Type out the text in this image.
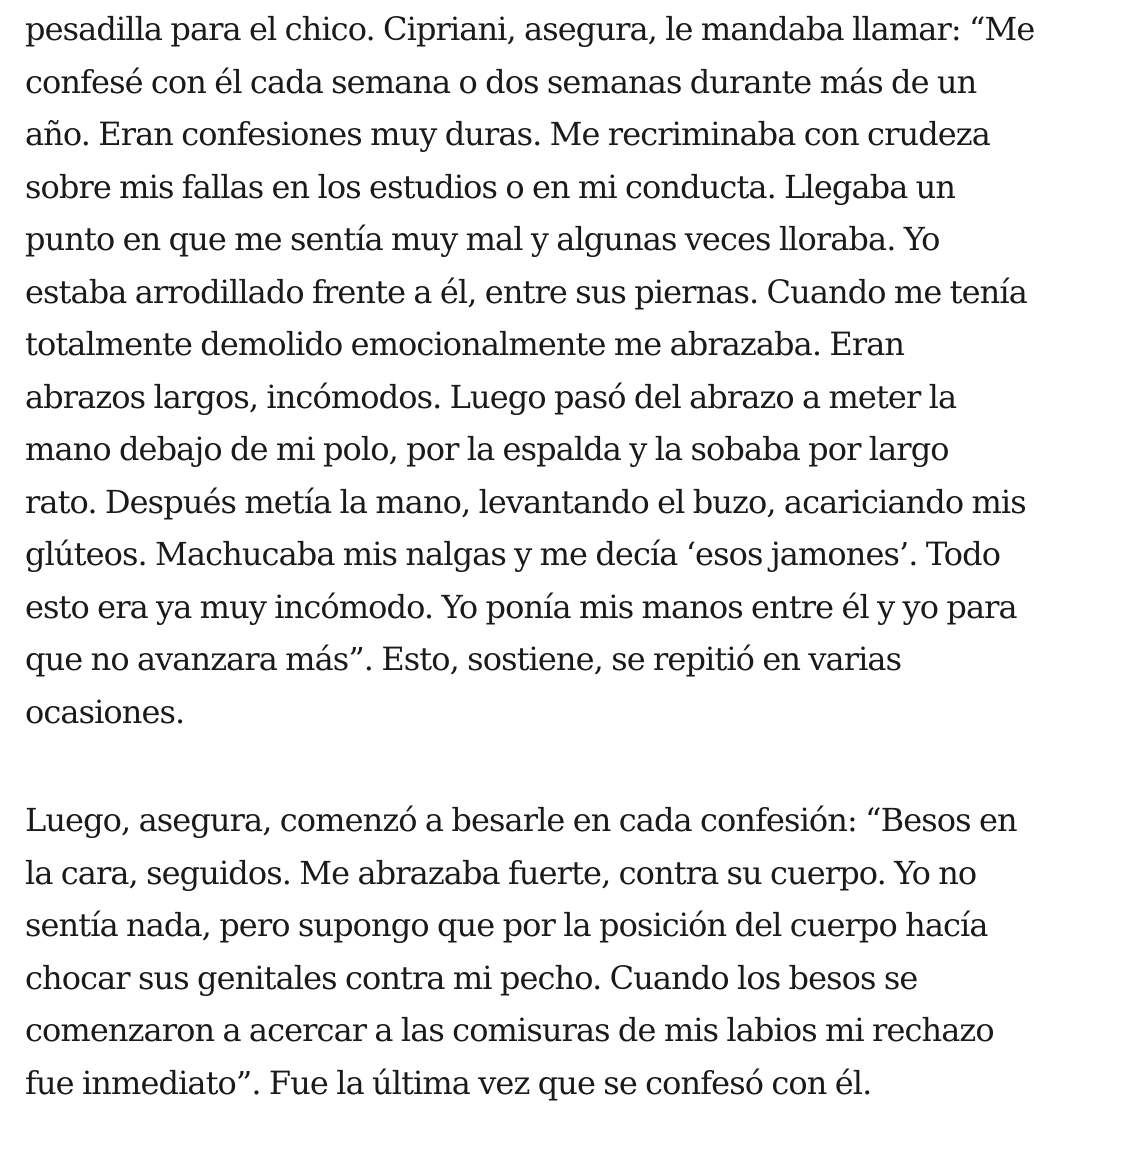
pesadilla para el chico. Cipriani, asegura, le mandaba llamar: “Me
confesé con él cada semana o dos semanas durante más de un
año. Eran confesiones muy duras. Me recriminaba con crudeza
sobre mis fallas en los estudios o en mi conducta. Llegaba un
punto en que me sentía muy mal y algunas veces lloraba. Yo
estaba arrodillado frente a él, entre sus piernas. Cuando me tenía
totalmente demolido emocionalmente me abrazaba. Eran
abrazos largos, incómodos. Luego pasó del abrazo a meter la
mano debajo de mi polo, por la espalda y la sobaba por largo
rato. Después metía la mano, levantando el buzo, acariciando mis
glúteos. Machucaba mis nalgas y me decía ‘esos jamones’. Todo
esto era ya muy incómodo. Yo ponía mis manos entre él y yo para
que no avanzara más”. Esto, sostiene, se repitió en varias
ocasiones.
Luego, asegura, comenzó a besarle en cada confesión: “Besos en
la cara, seguidos. Me abrazaba fuerte, contra su cuerpo. Yo no
sentía nada, pero supongo que por la posición del cuerpo hacía
chocar sus genitales contra mi pecho. Cuando los besos se
comenzaron a acercar a las comisuras de mis labios mi rechazo
fue inmediato”. Fue la última vez que se confesó con él.
